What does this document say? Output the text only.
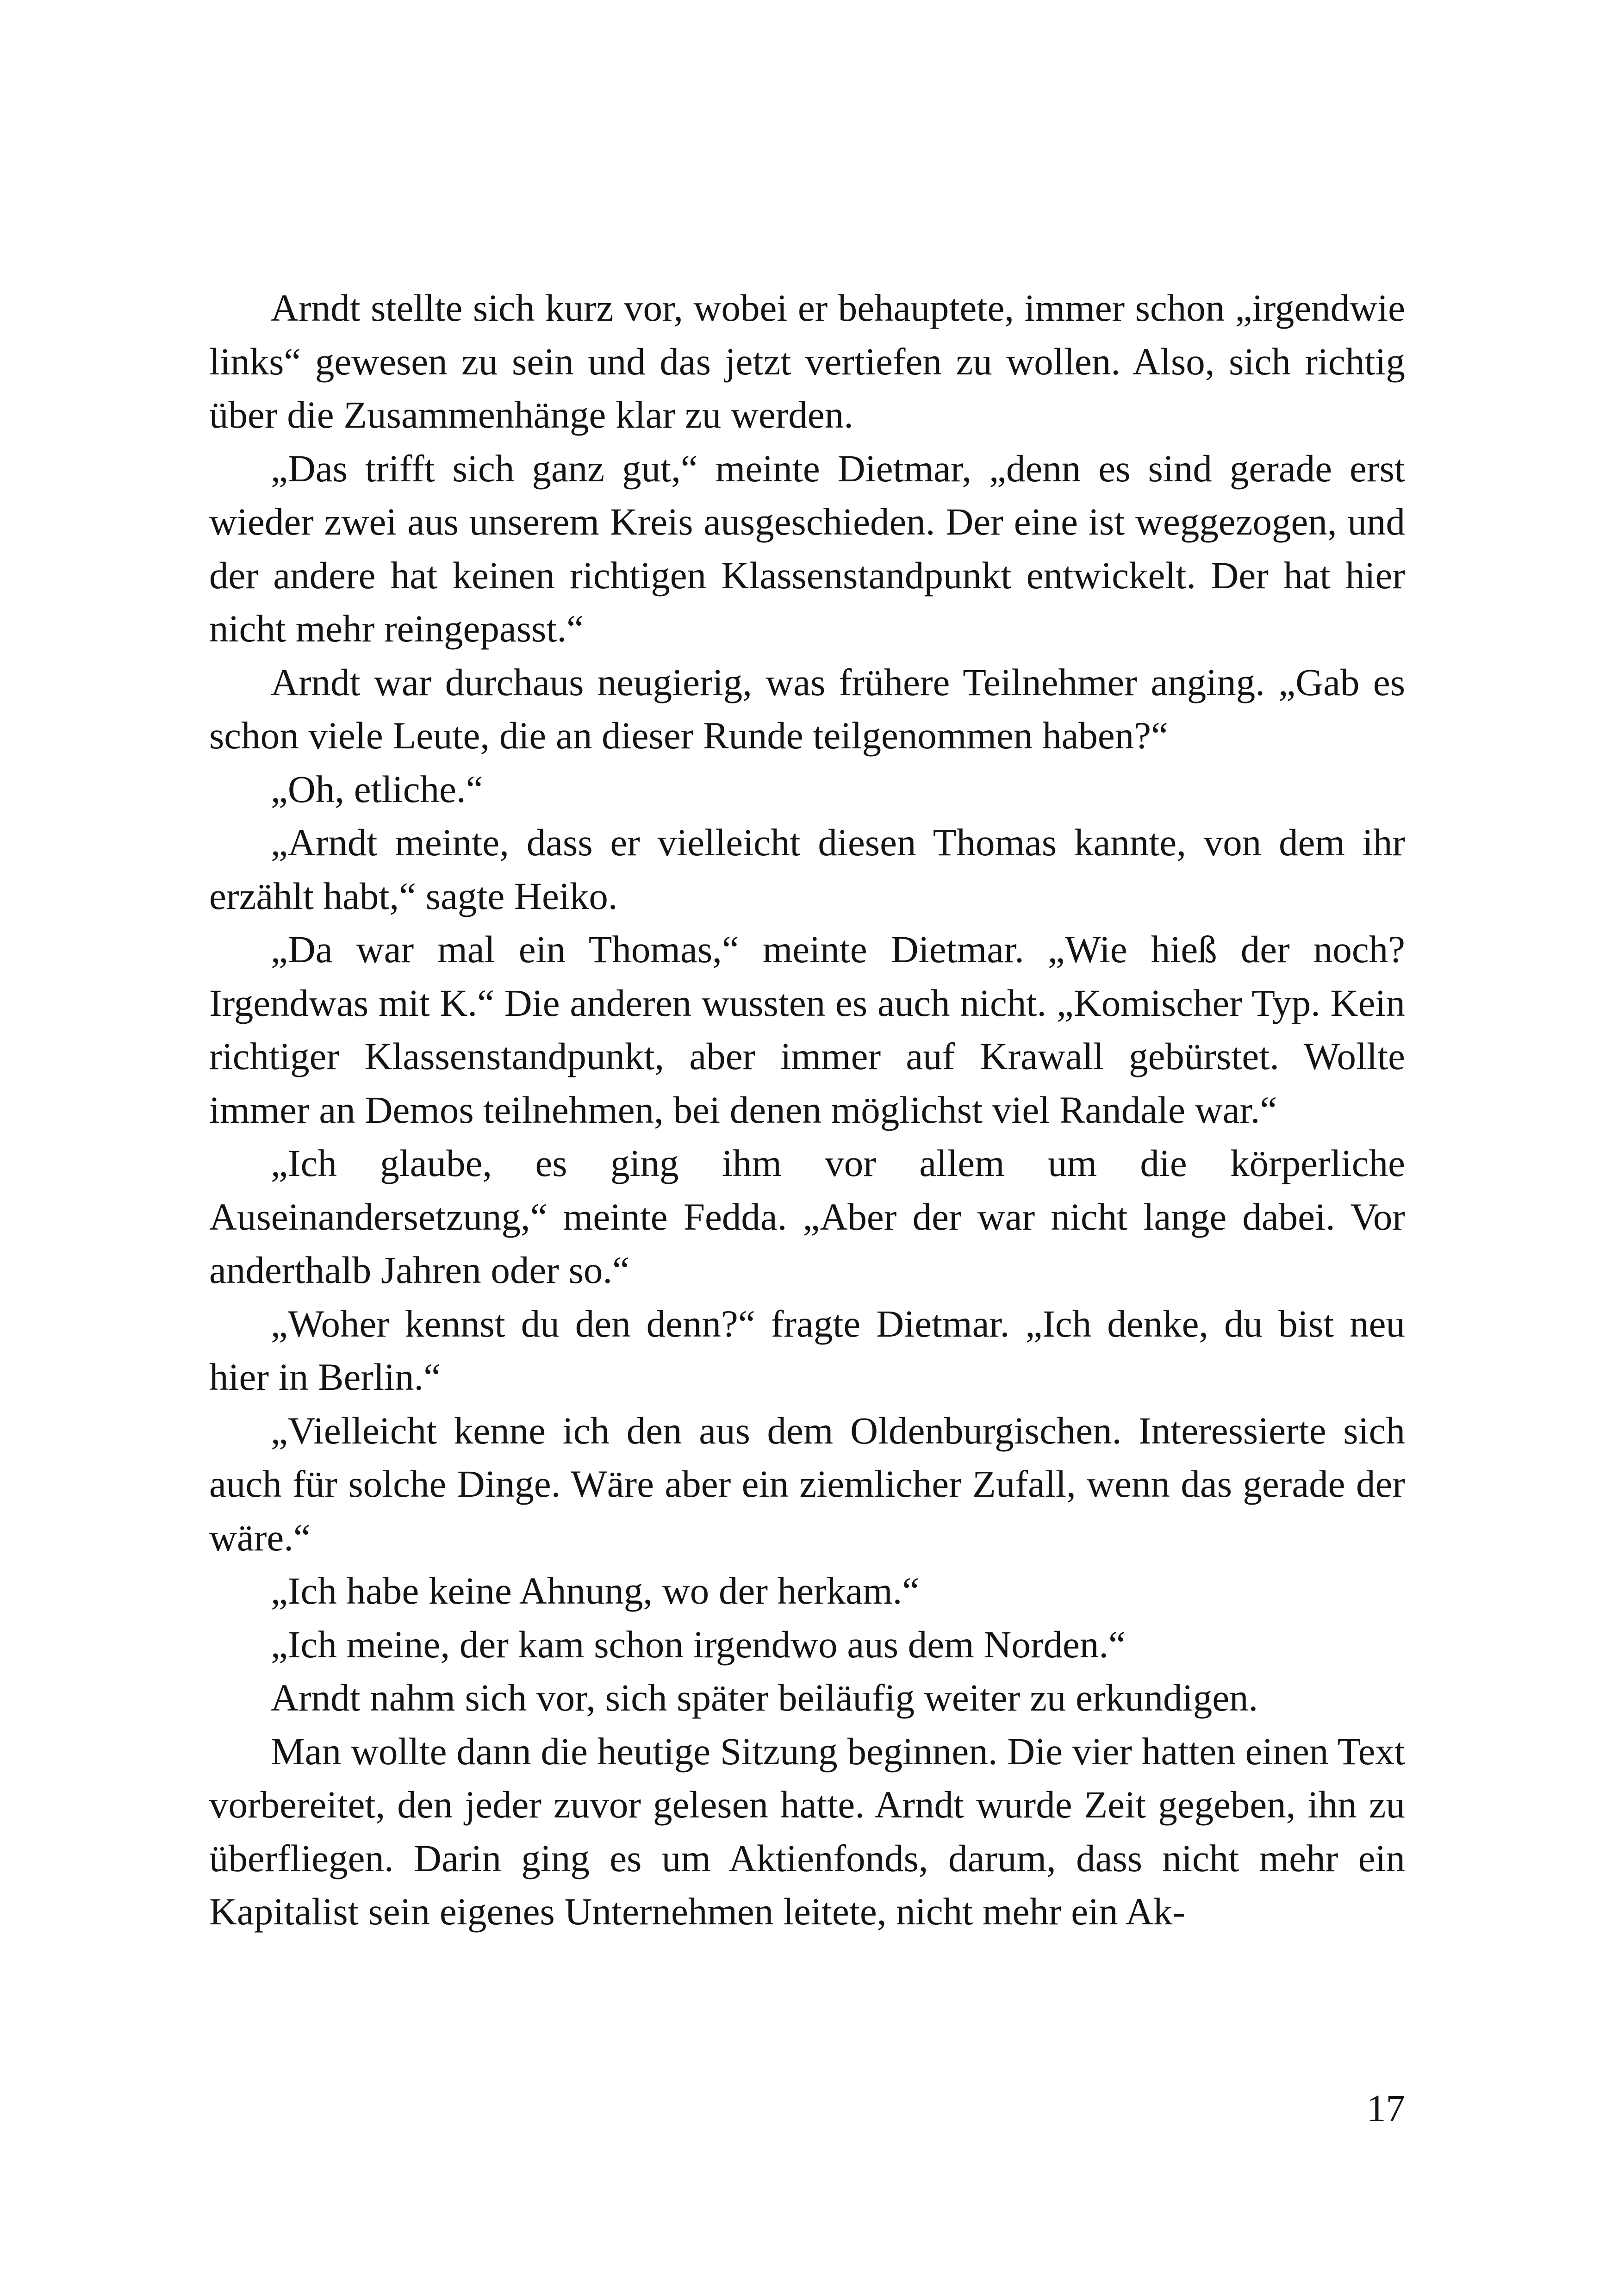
Arndt stellte sich kurz vor, wobei er behauptete, immer schon „irgendwie links“ gewesen zu sein und das jetzt vertiefen zu wollen. Also, sich richtig über die Zusammenhänge klar zu werden.

„Das trifft sich ganz gut,“ meinte Dietmar, „denn es sind gerade erst wieder zwei aus unserem Kreis ausgeschieden. Der eine ist weggezogen, und der andere hat keinen richtigen Klassenstandpunkt entwickelt. Der hat hier nicht mehr reingepasst.“

Arndt war durchaus neugierig, was frühere Teilnehmer anging. „Gab es schon viele Leute, die an dieser Runde teilgenommen haben?“

„Oh, etliche.“

„Arndt meinte, dass er vielleicht diesen Thomas kannte, von dem ihr erzählt habt,“ sagte Heiko.

„Da war mal ein Thomas,“ meinte Dietmar. „Wie hieß der noch? Irgendwas mit K.“ Die anderen wussten es auch nicht. „Komischer Typ. Kein richtiger Klassenstandpunkt, aber immer auf Krawall gebürstet. Wollte immer an Demos teilnehmen, bei denen möglichst viel Randale war.“

„Ich glaube, es ging ihm vor allem um die körperliche Auseinandersetzung,“ meinte Fedda. „Aber der war nicht lange dabei. Vor anderthalb Jahren oder so.“

„Woher kennst du den denn?“ fragte Dietmar. „Ich denke, du bist neu hier in Berlin.“

„Vielleicht kenne ich den aus dem Oldenburgischen. Interessierte sich auch für solche Dinge. Wäre aber ein ziemlicher Zufall, wenn das gerade der wäre.“

„Ich habe keine Ahnung, wo der herkam.“

„Ich meine, der kam schon irgendwo aus dem Norden.“

Arndt nahm sich vor, sich später beiläufig weiter zu erkundigen.

Man wollte dann die heutige Sitzung beginnen. Die vier hatten einen Text vorbereitet, den jeder zuvor gelesen hatte. Arndt wurde Zeit gegeben, ihn zu überfliegen. Darin ging es um Aktienfonds, darum, dass nicht mehr ein Kapitalist sein eigenes Unternehmen leitete, nicht mehr ein Ak-

17
